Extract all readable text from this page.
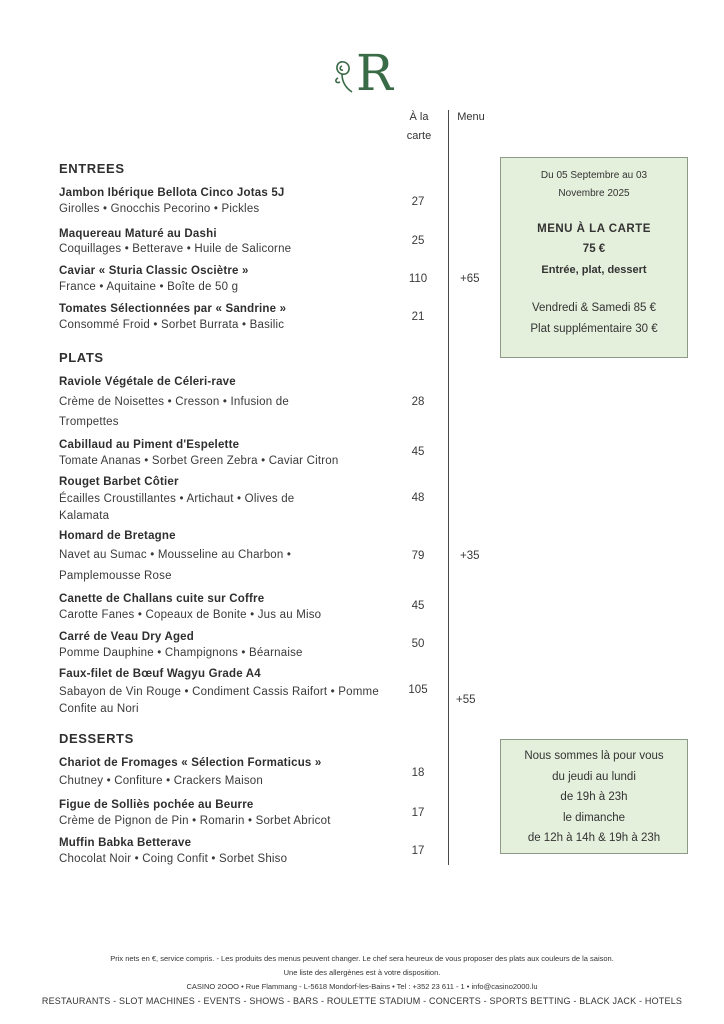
R
À la
carte
Menu
ENTREES
Jambon Ibérique Bellota Cinco Jotas 5J
Girolles • Gnocchis Pecorino • Pickles
27
Maquereau Maturé au Dashi
Coquillages • Betterave • Huile de Salicorne
25
Caviar « Sturia Classic Osciètre »
France • Aquitaine • Boîte de 50 g
110	+65
Tomates Sélectionnées par « Sandrine »
Consommé Froid • Sorbet Burrata • Basilic
21
PLATS
Raviole Végétale de Céleri-rave
Crème de Noisettes • Cresson • Infusion de Trompettes
28
Cabillaud au Piment d'Espelette
Tomate Ananas • Sorbet Green Zebra • Caviar Citron
45
Rouget Barbet Côtier
Écailles Croustillantes • Artichaut • Olives de Kalamata
48
Homard de Bretagne
Navet au Sumac • Mousseline au Charbon • Pamplemousse Rose
79	+35
Canette de Challans cuite sur Coffre
Carotte Fanes • Copeaux de Bonite • Jus au Miso
45
Carré de Veau Dry Aged
Pomme Dauphine • Champignons • Béarnaise
50
Faux-filet de Bœuf Wagyu Grade A4
Sabayon de Vin Rouge • Condiment Cassis Raifort • Pomme Confite au Nori
105
+55
DESSERTS
Chariot de Fromages « Sélection Formaticus »
Chutney • Confiture • Crackers Maison
18
Figue de Solliès pochée au Beurre
Crème de Pignon de Pin • Romarin • Sorbet Abricot
17
Muffin Babka Betterave
Chocolat Noir • Coing Confit • Sorbet Shiso
17
Du 05 Septembre au 03
Novembre 2025
MENU À LA CARTE
75 €
Entrée, plat, dessert
Vendredi & Samedi 85 €
Plat supplémentaire 30 €
Nous sommes là pour vous
du jeudi au lundi
de 19h à 23h
le dimanche
de 12h à 14h & 19h à 23h
Prix nets en €, service compris. - Les produits des menus peuvent changer. Le chef sera heureux de vous proposer des plats aux couleurs de la saison.
Une liste des allergènes est à votre disposition.
CASINO 2OOO • Rue Flammang - L-5618 Mondorf-les-Bains • Tel : +352 23 611 - 1 • info@casino2000.lu
RESTAURANTS - SLOT MACHINES - EVENTS - SHOWS - BARS - ROULETTE STADIUM - CONCERTS - SPORTS BETTING - BLACK JACK - HOTELS
